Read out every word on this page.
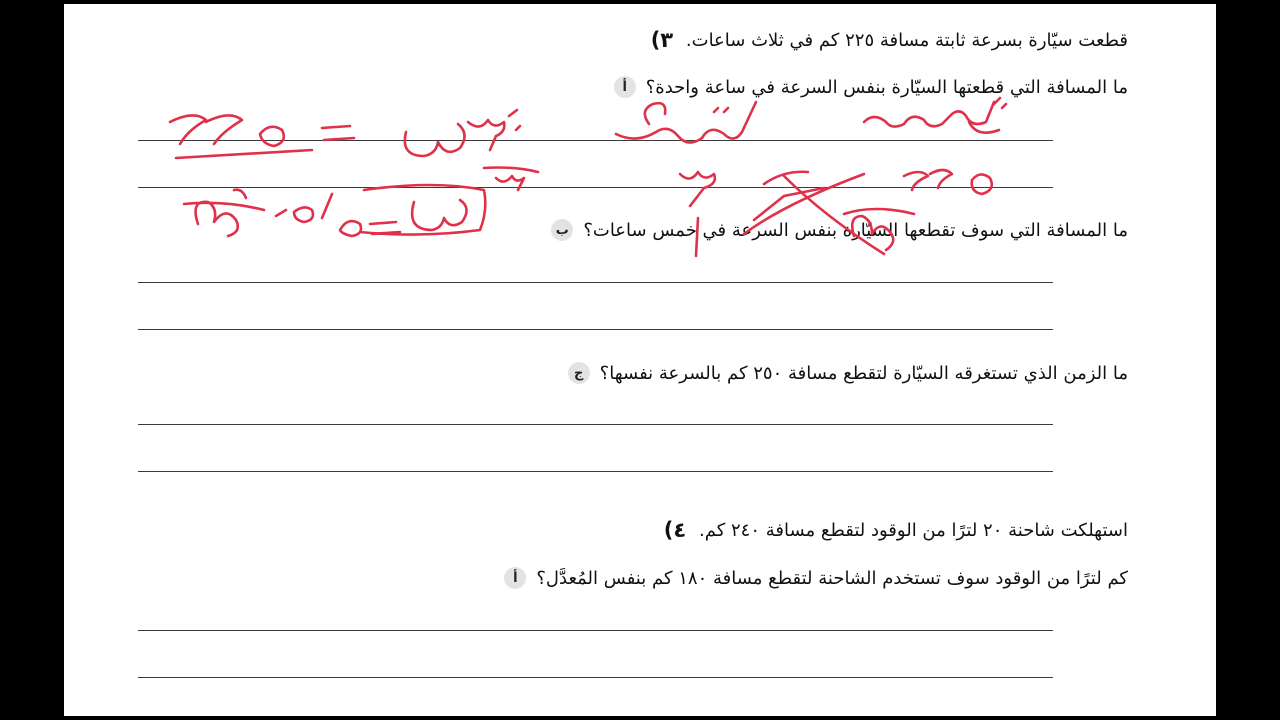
٣) قطعت سيّارة بسرعة ثابتة مسافة ٢٢٥ كم في ثلاث ساعات.
أ	ما المسافة التي قطعتها السيّارة بنفس السرعة في ساعة واحدة؟
ب ما المسافة التي سوف تقطعها السيّارة بنفس السرعة في خمس ساعات؟
ج ما الزمن الذي تستغرقه السيّارة لتقطع مسافة ٢٥٠ كم بالسرعة نفسها؟
٤) استهلكت شاحنة ٢٠ لترًا من الوقود لتقطع مسافة ٢٤٠ كم.
أ	كم لترًا من الوقود سوف تستخدم الشاحنة لتقطع مسافة ١٨٠ كم بنفس المُعدَّل؟
